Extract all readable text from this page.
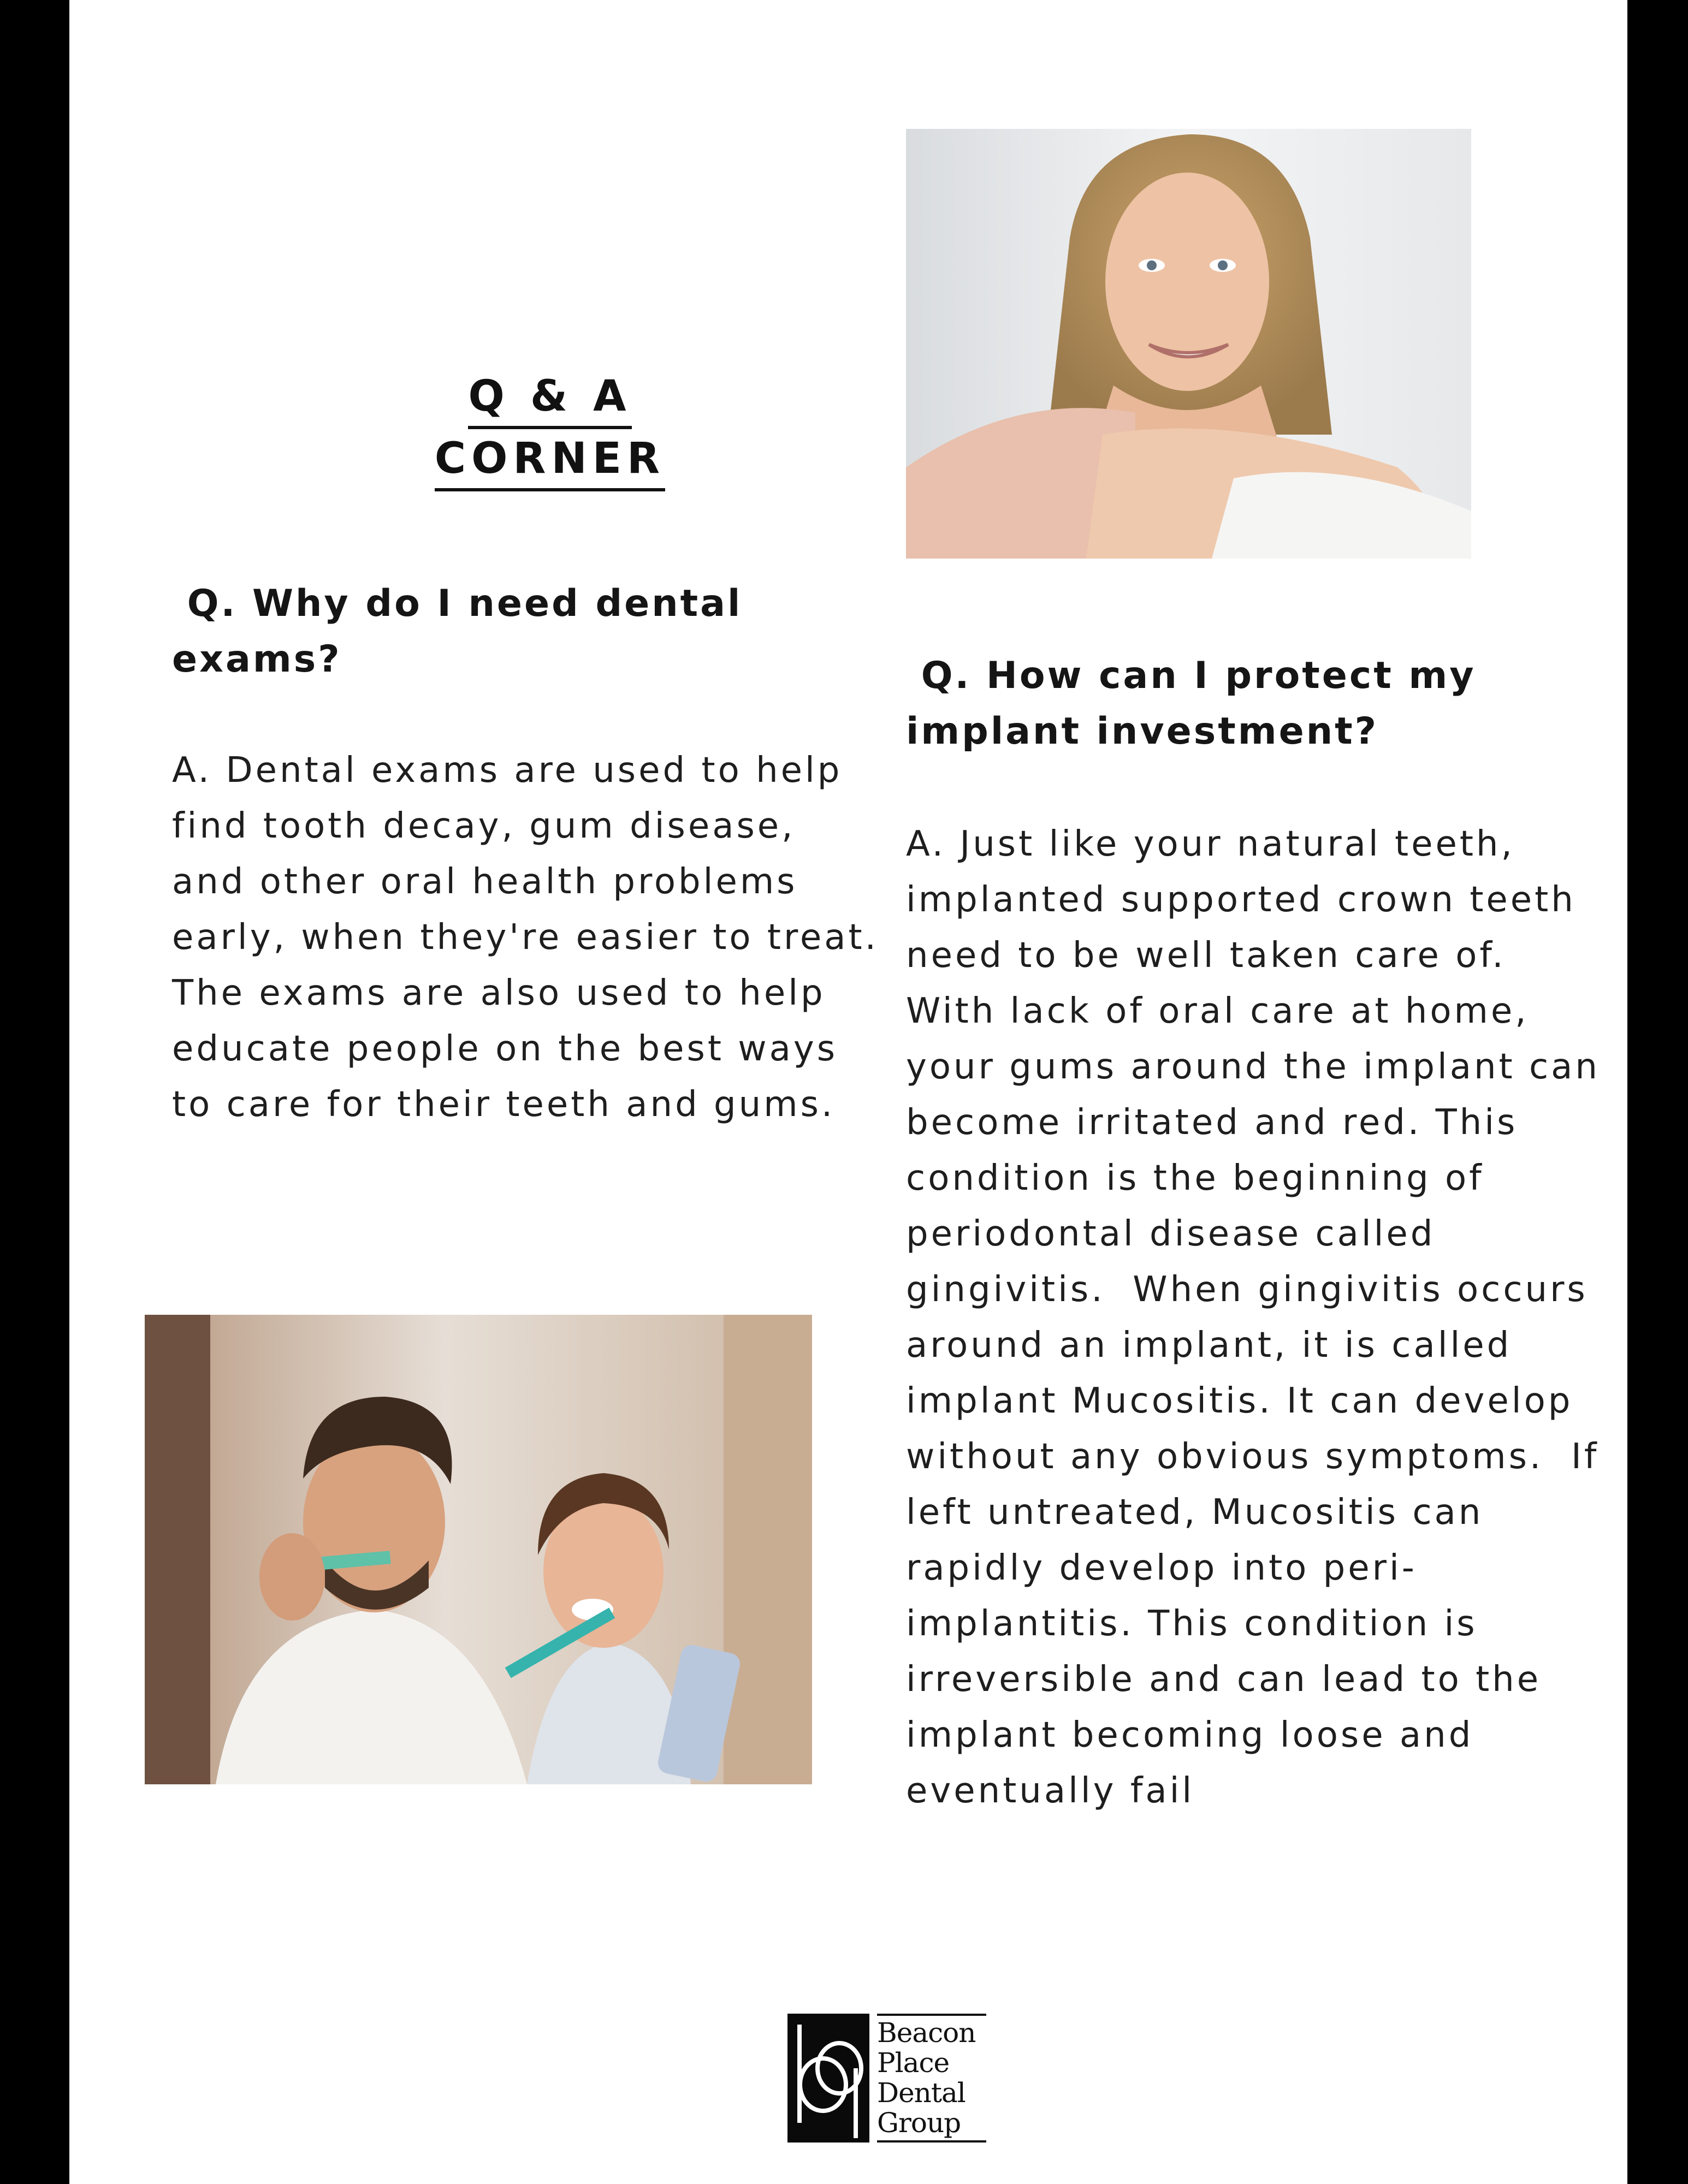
Q & A
CORNER
Q. Why do I need dental exams?
A. Dental exams are used to help find tooth decay, gum disease, and other oral health problems early, when they're easier to treat. The exams are also used to help educate people on the best ways to care for their teeth and gums.
Q. How can I protect my implant investment?
A. Just like your natural teeth, implanted supported crown teeth need to be well taken care of.
With lack of oral care at home, your gums around the implant can become irritated and red. This condition is the beginning of periodontal disease called gingivitis.  When gingivitis occurs around an implant, it is called implant Mucositis. It can develop without any obvious symptoms.  If left untreated, Mucositis can rapidly develop into peri-implantitis. This condition is irreversible and can lead to the implant becoming loose and eventually fail
Beacon
Place
Dental
Group
